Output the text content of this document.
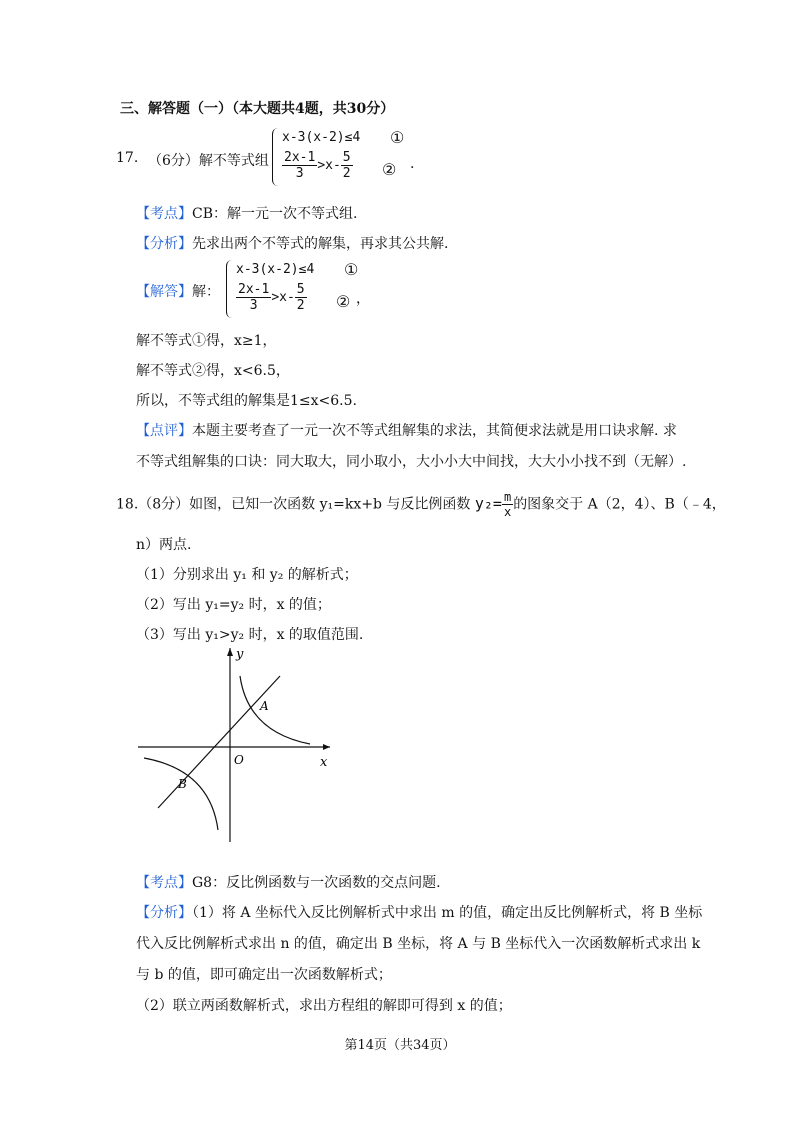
三、解答题（一）（本大题共4题，共30分）
17. （6分）解不等式组
x-3(x-2)≤4 ①
$\frac{2x-1}{3} >x- \frac{5}{2}$ ② .
【考点】CB：解一元一次不等式组.
【分析】先求出两个不等式的解集，再求其公共解.
【解答】解：
x-3(x-2)≤4 ①
$\frac{2x-1}{3} >x- \frac{5}{2}$ ② ，
解不等式①得，x≥1，
解不等式②得，x<6.5，
所以，不等式组的解集是1≤x<6.5.
【点评】本题主要考查了一元一次不等式组解集的求法，其简便求法就是用口诀求解. 求
不等式组解集的口诀：同大取大，同小取小，大小小大中间找，大大小小找不到（无解）.
18.（8分）如图，已知一次函数 y₁=kx+b 与反比例函数 $y_2= \frac{m}{x}$ 的图象交于 A（2，4）、B（﹣4，
n）两点.
（1）分别求出 y₁ 和 y₂ 的解析式；
（2）写出 y₁=y₂ 时，x 的值；
（3）写出 y₁>y₂ 时，x 的取值范围.
y
x
O
A
B
【考点】G8：反比例函数与一次函数的交点问题.
【分析】（1）将 A 坐标代入反比例解析式中求出 m 的值，确定出反比例解析式，将 B 坐标
代入反比例解析式求出 n 的值，确定出 B 坐标，将 A 与 B 坐标代入一次函数解析式求出 k
与 b 的值，即可确定出一次函数解析式；
（2）联立两函数解析式，求出方程组的解即可得到 x 的值；
第14页（共34页）
